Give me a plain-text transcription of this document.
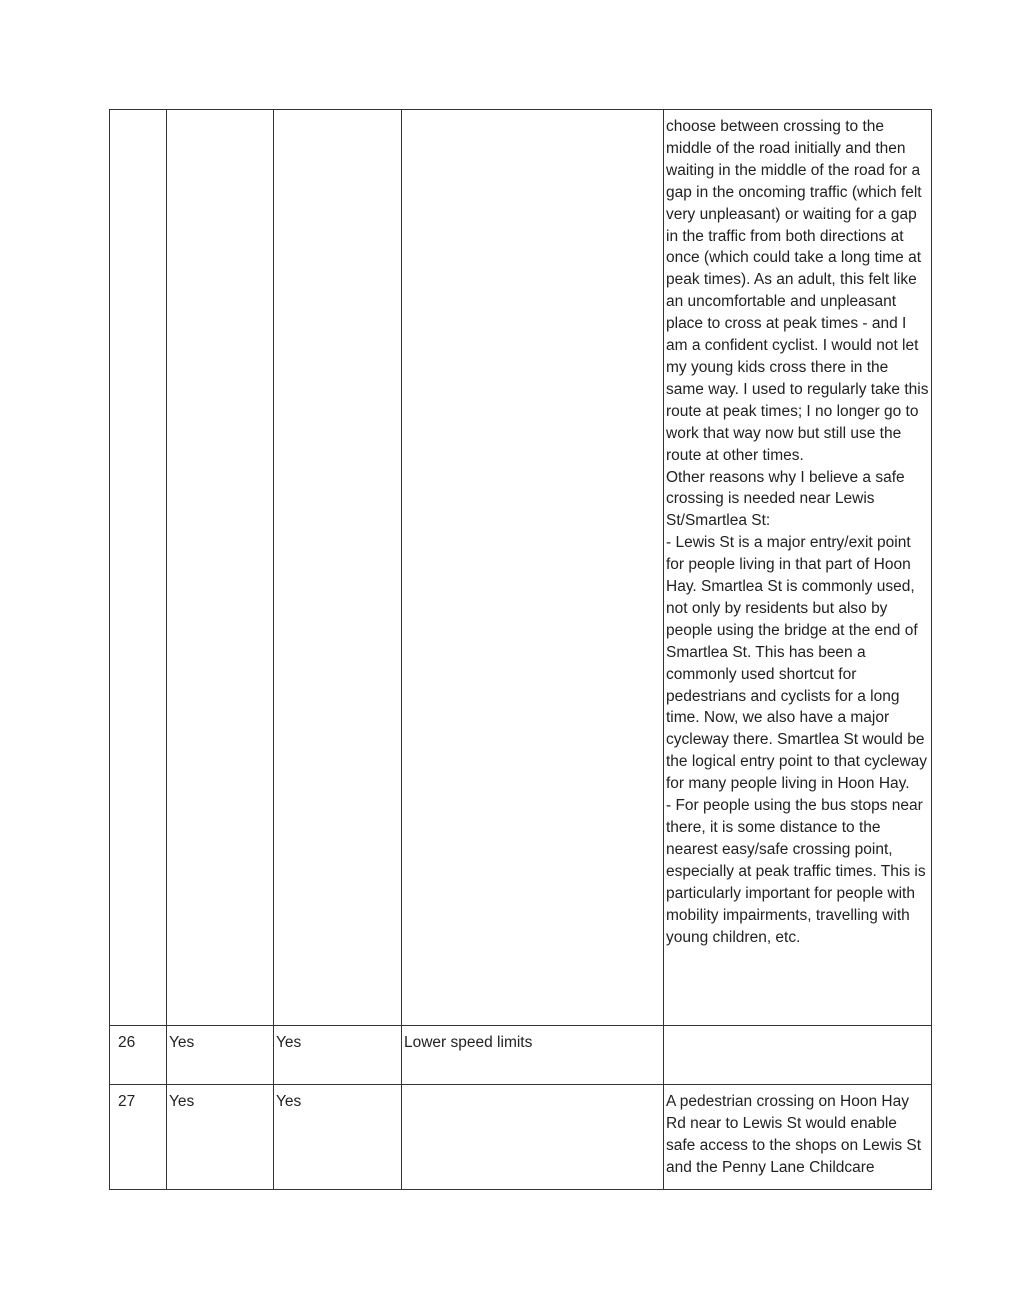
				choose between crossing to the middle of the road initially and then waiting in the middle of the road for a gap in the oncoming traffic (which felt very unpleasant) or waiting for a gap in the traffic from both directions at once (which could take a long time at peak times). As an adult, this felt like an uncomfortable and unpleasant place to cross at peak times - and I am a confident cyclist. I would not let my young kids cross there in the same way. I used to regularly take this route at peak times; I no longer go to work that way now but still use the route at other times.

Other reasons why I believe a safe crossing is needed near Lewis St/Smartlea St:

- Lewis St is a major entry/exit point for people living in that part of Hoon Hay. Smartlea St is commonly used, not only by residents but also by people using the bridge at the end of Smartlea St. This has been a commonly used shortcut for pedestrians and cyclists for a long time. Now, we also have a major cycleway there. Smartlea St would be the logical entry point to that cycleway for many people living in Hoon Hay.

- For people using the bus stops near there, it is some distance to the nearest easy/safe crossing point, especially at peak traffic times. This is particularly important for people with mobility impairments, travelling with young children, etc.

26	Yes	Yes	Lower speed limits	

27	Yes	Yes		A pedestrian crossing on Hoon Hay Rd near to Lewis St would enable safe access to the shops on Lewis St and the Penny Lane Childcare
